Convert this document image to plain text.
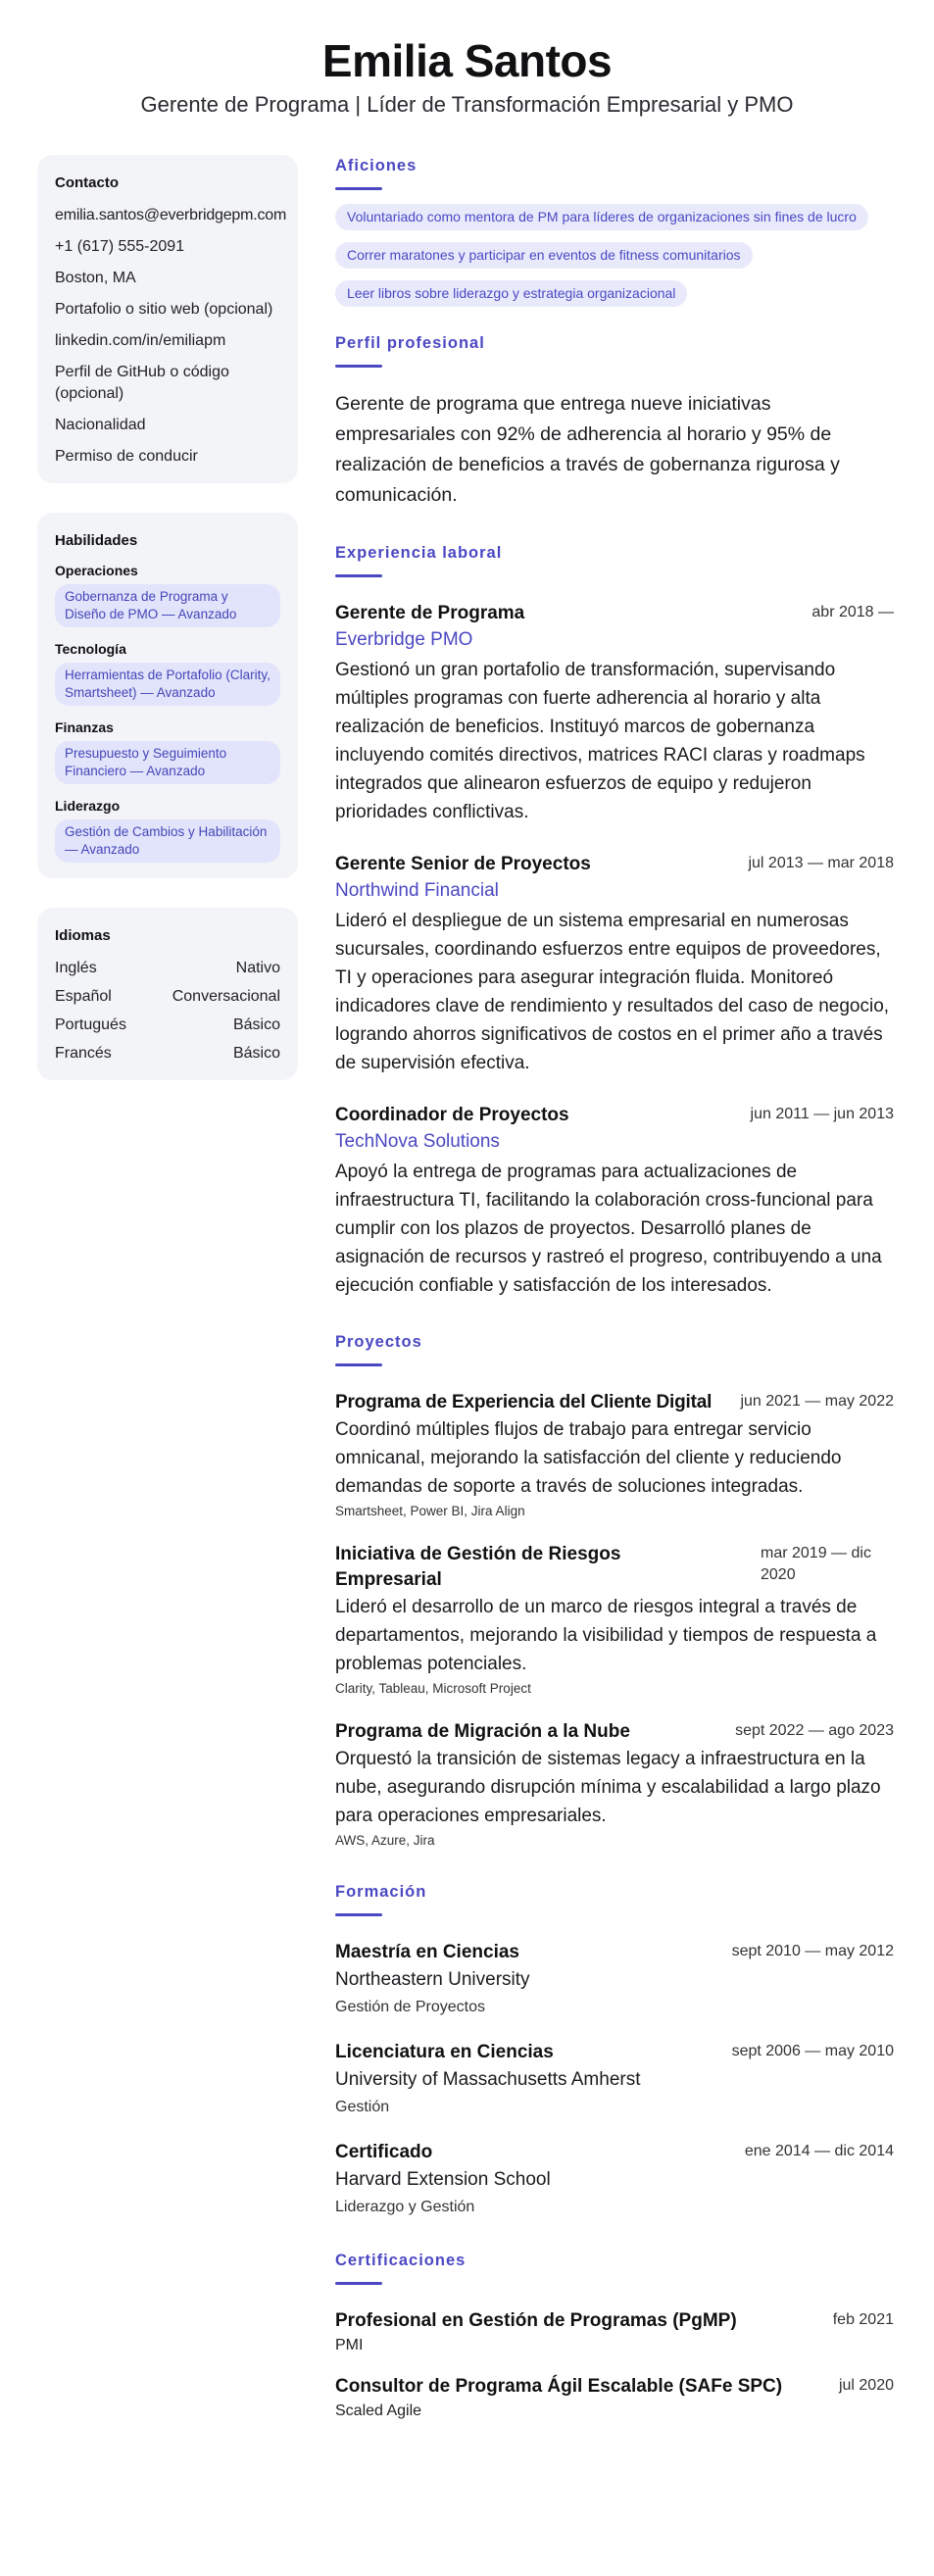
Emilia Santos
Gerente de Programa | Líder de Transformación Empresarial y PMO
Contacto
emilia.santos@everbridgepm.com
+1 (617) 555-2091
Boston, MA
Portafolio o sitio web (opcional)
linkedin.com/in/emiliapm
Perfil de GitHub o código (opcional)
Nacionalidad
Permiso de conducir
Habilidades
Operaciones
Gobernanza de Programa y Diseño de PMO — Avanzado
Tecnología
Herramientas de Portafolio (Clarity, Smartsheet) — Avanzado
Finanzas
Presupuesto y Seguimiento Financiero — Avanzado
Liderazgo
Gestión de Cambios y Habilitación — Avanzado
Idiomas
Inglés	Nativo
Español	Conversacional
Portugués	Básico
Francés	Básico
Aficiones
Voluntariado como mentora de PM para líderes de organizaciones sin fines de lucro
Correr maratones y participar en eventos de fitness comunitarios
Leer libros sobre liderazgo y estrategia organizacional
Perfil profesional

Gerente de programa que entrega nueve iniciativas empresariales con 92% de adherencia al horario y 95% de realización de beneficios a través de gobernanza rigurosa y comunicación.

Experiencia laboral
Gerente de Programa	abr 2018 —
Everbridge PMO

Gestionó un gran portafolio de transformación, supervisando múltiples programas con fuerte adherencia al horario y alta realización de beneficios. Instituyó marcos de gobernanza incluyendo comités directivos, matrices RACI claras y roadmaps integrados que alinearon esfuerzos de equipo y redujeron prioridades conflictivas.

Gerente Senior de Proyectos	jul 2013 — mar 2018
Northwind Financial

Lideró el despliegue de un sistema empresarial en numerosas sucursales, coordinando esfuerzos entre equipos de proveedores, TI y operaciones para asegurar integración fluida. Monitoreó indicadores clave de rendimiento y resultados del caso de negocio, logrando ahorros significativos de costos en el primer año a través de supervisión efectiva.

Coordinador de Proyectos	jun 2011 — jun 2013
TechNova Solutions

Apoyó la entrega de programas para actualizaciones de infraestructura TI, facilitando la colaboración cross-funcional para cumplir con los plazos de proyectos. Desarrolló planes de asignación de recursos y rastreó el progreso, contribuyendo a una ejecución confiable y satisfacción de los interesados.

Proyectos
Programa de Experiencia del Cliente Digital jun 2021 — may 2022

Coordinó múltiples flujos de trabajo para entregar servicio omnicanal, mejorando la satisfacción del cliente y reduciendo demandas de soporte a través de soluciones integradas.

Smartsheet, Power BI, Jira Align
Iniciativa de Gestión de Riesgos Empresarial
mar 2019 — dic 2020

Lideró el desarrollo de un marco de riesgos integral a través de departamentos, mejorando la visibilidad y tiempos de respuesta a problemas potenciales.

Clarity, Tableau, Microsoft Project
Programa de Migración a la Nube	sept 2022 — ago 2023

Orquestó la transición de sistemas legacy a infraestructura en la nube, asegurando disrupción mínima y escalabilidad a largo plazo para operaciones empresariales.

AWS, Azure, Jira
Formación
Maestría en Ciencias	sept 2010 — may 2012
Northeastern University
Gestión de Proyectos
Licenciatura en Ciencias	sept 2006 — may 2010
University of Massachusetts Amherst
Gestión
Certificado	ene 2014 — dic 2014
Harvard Extension School
Liderazgo y Gestión
Certificaciones
Profesional en Gestión de Programas (PgMP)	feb 2021
PMI
Consultor de Programa Ágil Escalable (SAFe SPC)	jul 2020
Scaled Agile
